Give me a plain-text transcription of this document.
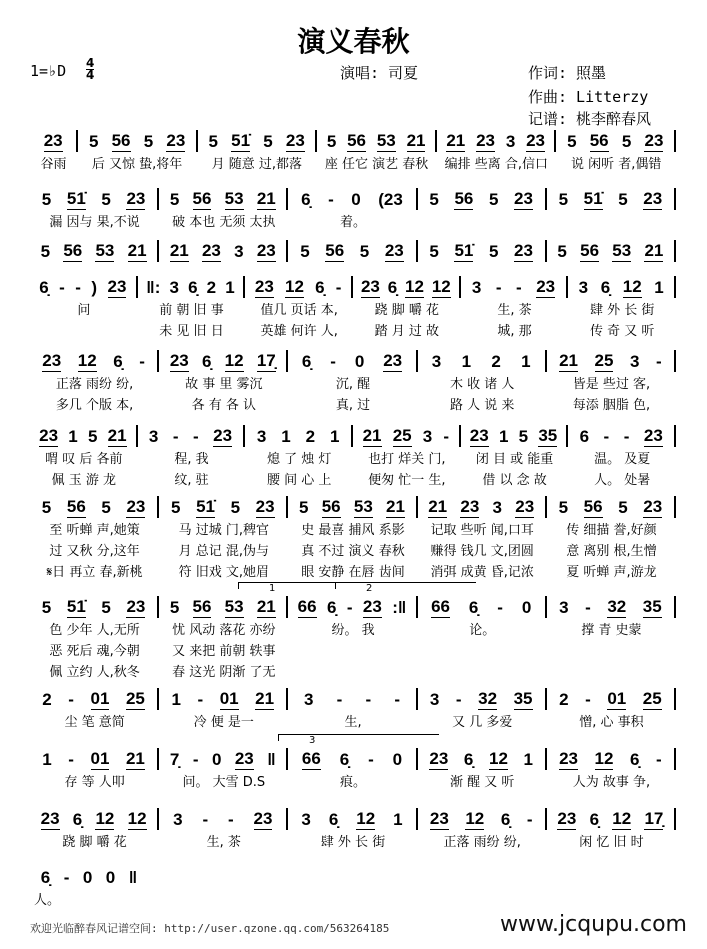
演义春秋
1=♭D 4
4	演唱: 司夏	作词: 照墨
作曲: Litterzy
记谱: 桃李醉春风
23 5 56 5 23 5 51̇ 5 23 5 56 53 21 21 23 3 23 5 56 5 23
谷雨	后 又惊 蛰,将年	月 随意 过,都落	座 任它 演艺 春秋	编排 些离 合,信口	说 闲听 者,偶错
5 51̇ 5 23 5 56 53 21 6̣ - 0 (23 5 56 5 23 5 51̇ 5 23
漏 因与 果,不说	破 本也 无须 太执	着。
5 56 53 21 21 23 3 23 5 56 5 23 5 51̇ 5 23 5 56 53 21
6̣ - - ) 23 ‖: 3 6̣ 2 1 23 12 6̣ - 23 6̣ 12 12 3 - - 23 3 6̣ 12 1
问	前 朝 旧 事	值几 页话 本,	跷 脚 嚼 花	生, 茶	肆 外 长 街
未 见 旧 日	英雄 何许 人,	踏 月 过 故	城, 那	传 奇 又 听
23 12 6̣ - 23 6̣ 12 17̣ 6̣ - 0 23 3 1 2 1 21 25 3 -
正落 雨纷 纷,	故 事 里 雾沉	沉, 醒	木 收 诸 人	皆是 些过 客,
多几 个版 本,	各 有 各 认	真, 过	路 人 说 来	每添 胭脂 色,
23 1 5 21 3 - - 23 3 1 2 1 21 25 3 - 23 1 5 35 6 - - 23
喟 叹 后 各前	程, 我	熄 了 烛 灯	也打 烊关 门,	闭 目 或 能重	温。 及夏
佩 玉 游 龙	纹, 驻	腰 间 心 上	便匆 忙一 生,	借 以 念 故	人。 处暑
5 56 5 23 5 51̇ 5 23 5 56 53 21 21 23 3 23 5 56 5 23
至 听蝉 声,她策	马 过城 门,稗官	史 最喜 捕风 系影	记取 些听 闻,口耳	传 细描 誊,好颜
过 又秋 分,这年	月 总记 混,伪与	真 不过 演义 春秋	赚得 钱几 文,团圆	意 离别 根,生憎
𝄋日 再立 春,新桃	符 旧戏 文,她眉	眼 安静 在唇 齿间	消弭 成黄 昏,记浓	夏 听蝉 声,游龙
1	2
5 51̇ 5 23 5 56 53 21 66 6̣ - 23 :‖ 66 6̣ - 0 3 - 32 35
色 少年 人,无所	忧 风动 落花 亦纷	纷。 我	论。	撑 青 史蒙
恶 死后 魂,今朝	又 来把 前朝 轶事
佩 立约 人,秋冬	春 这光 阴渐 了无
2 - 01 25 1 - 01 21 3 - - - 3 - 32 35 2 - 01 25
尘 笔 意简	冷 便 是一	生,	又 几 多爱	憎, 心 事积
3
1 - 01 21 7̣ - 0 23 ‖ 66 6̣ - 0 23 6̣ 12 1 23 12 6̣ -
存 等 人叩	问。 大雪 D.S	痕。	渐 醒 又 听	人为 故事 争,
23 6̣ 12 12 3 - - 23 3 6̣ 12 1 23 12 6̣ - 23 6̣ 12 17̣
跷 脚 嚼 花	生, 茶	肆 外 长 街	正落 雨纷 纷,	闲 忆 旧 时
6̣ - 0 0 ‖
人。
欢迎光临醉春风记谱空间: http://user.qzone.qq.com/563264185	www.jcqupu.com
